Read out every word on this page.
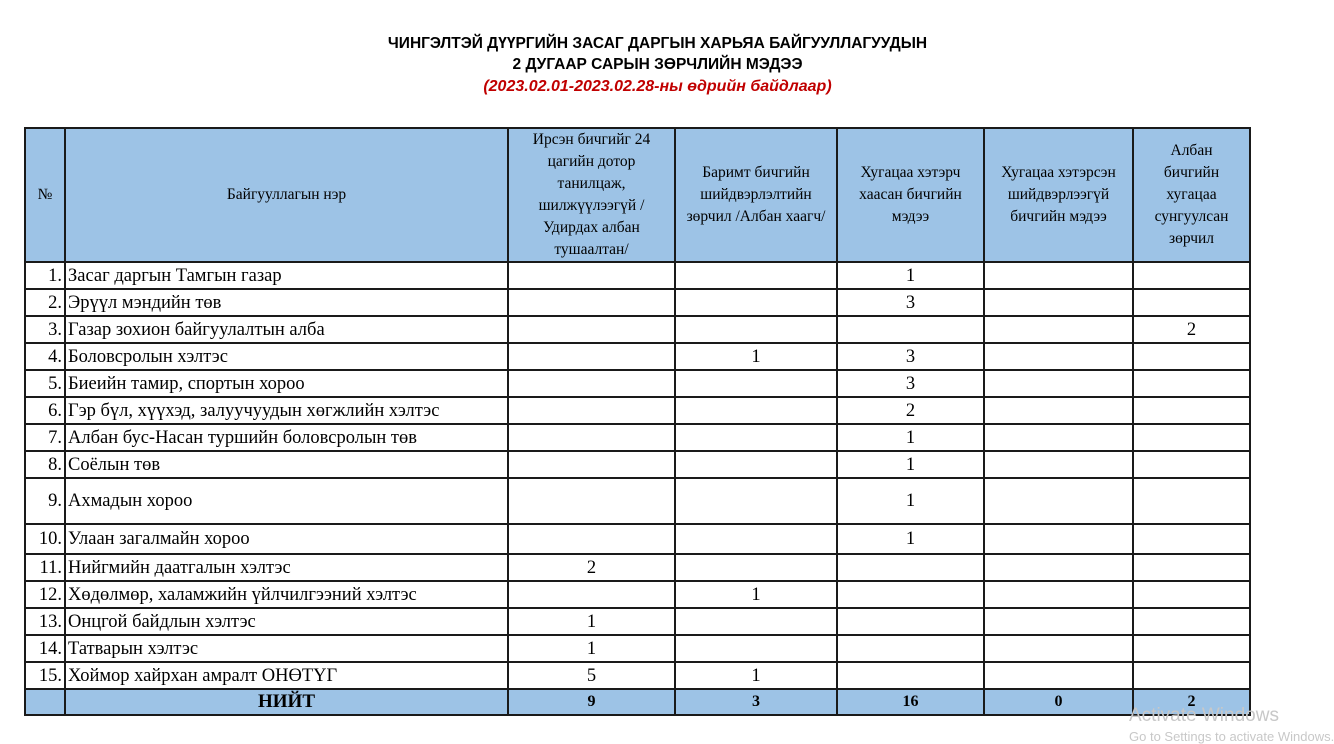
ЧИНГЭЛТЭЙ ДҮҮРГИЙН ЗАСАГ ДАРГЫН ХАРЬЯА БАЙГУУЛЛАГУУДЫН
2 ДУГААР САРЫН ЗӨРЧЛИЙН МЭДЭЭ
(2023.02.01-2023.02.28-ны өдрийн байдлаар)
№	Байгууллагын нэр	Ирсэн бичгийг 24 цагийн дотор танилцаж, шилжүүлээгүй /Удирдах албан тушаалтан/	Баримт бичгийн шийдвэрлэлтийн зөрчил /Албан хаагч/	Хугацаа хэтэрч хаасан бичгийн мэдээ	Хугацаа хэтэрсэн шийдвэрлээгүй бичгийн мэдээ	Албан бичгийн хугацаа сунгуулсан зөрчил
1.	Засаг даргын Тамгын газар			1		
2.	Эрүүл мэндийн төв			3		
3.	Газар зохион байгуулалтын алба					2
4.	Боловсролын хэлтэс		1	3		
5.	Биеийн тамир, спортын хороо			3		
6.	Гэр бүл, хүүхэд, залуучуудын хөгжлийн хэлтэс			2		
7.	Албан бус-Насан туршийн боловсролын төв			1		
8.	Соёлын төв			1		
9.	Ахмадын хороо			1		
10.	Улаан загалмайн хороо			1		
11.	Нийгмийн даатгалын хэлтэс	2				
12.	Хөдөлмөр, халамжийн үйлчилгээний хэлтэс		1			
13.	Онцгой байдлын хэлтэс	1				
14.	Татварын хэлтэс	1				
15.	Хоймор хайрхан амралт ОНӨТҮГ	5	1			
	НИЙТ	9	3	16	0	2
Activate Windows
Go to Settings to activate Windows.
